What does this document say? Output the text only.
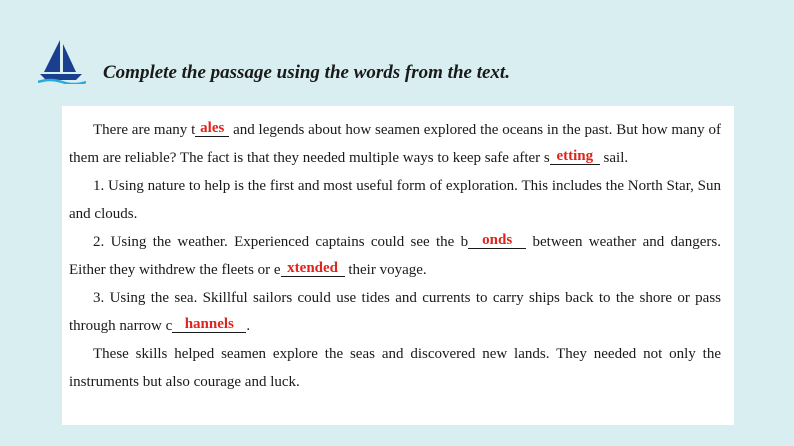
Complete the passage using the words from the text.

There are many t ales and legends about how seamen explored the oceans in the past. But how many of them are reliable? The fact is that they needed multiple ways to keep safe after s etting sail.

1. Using nature to help is the first and most useful form of exploration. This includes the North Star, Sun and clouds.

2. Using the weather. Experienced captains could see the b onds between weather and dangers. Either they withdrew the fleets or e xtended their voyage.

3. Using the sea. Skillful sailors could use tides and currents to carry ships back to the shore or pass through narrow c hannels .

These skills helped seamen explore the seas and discovered new lands. They needed not only the instruments but also courage and luck.
